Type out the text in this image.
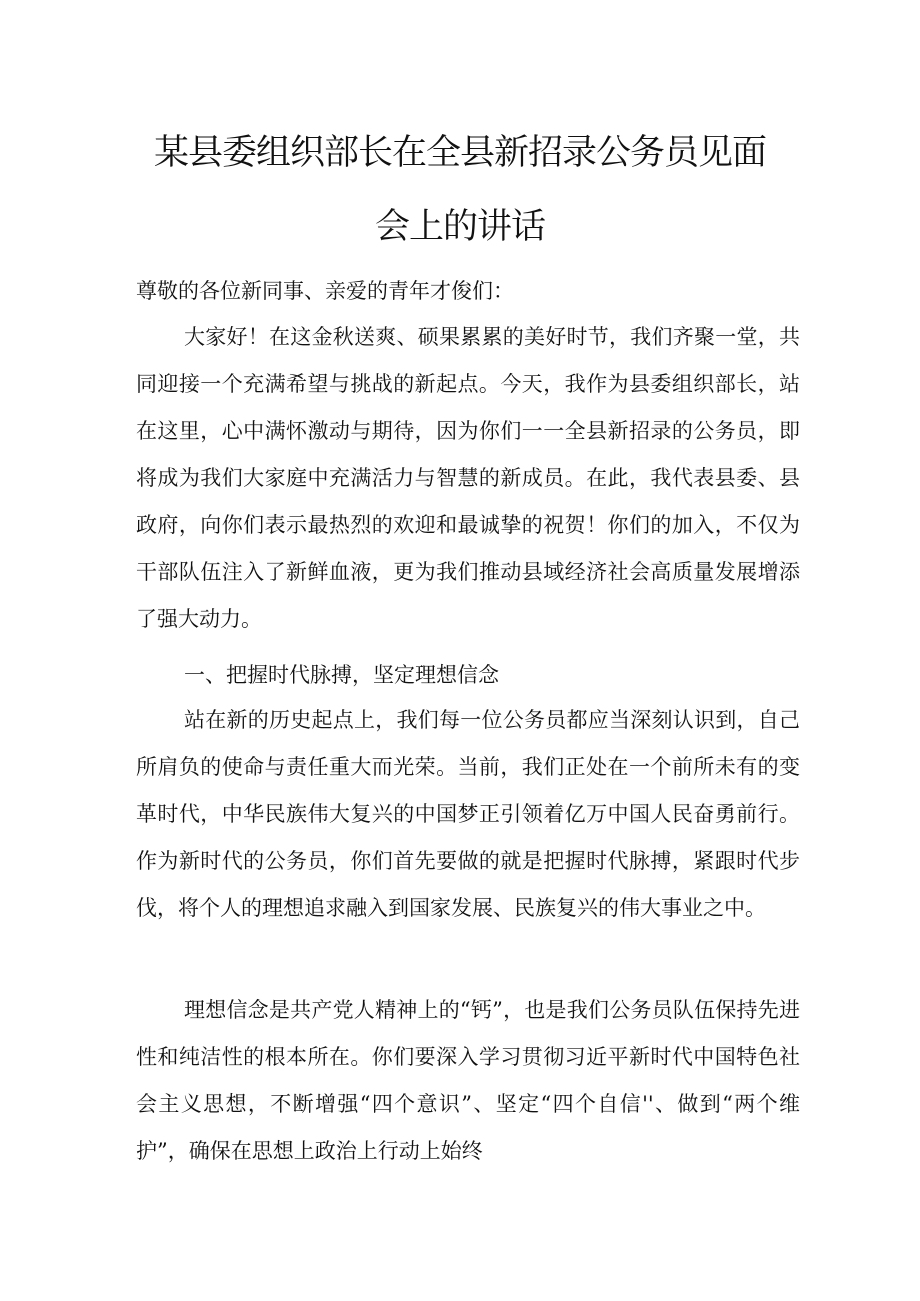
某县委组织部长在全县新招录公务员见面
会上的讲话
尊敬的各位新同事、亲爱的青年才俊们：
大家好！在这金秋送爽、硕果累累的美好时节，我们齐聚一堂，共同迎接一个充满希望与挑战的新起点。今天，我作为县委组织部长，站在这里，心中满怀激动与期待，因为你们一一全县新招录的公务员，即将成为我们大家庭中充满活力与智慧的新成员。在此，我代表县委、县政府，向你们表示最热烈的欢迎和最诚挚的祝贺！你们的加入，不仅为干部队伍注入了新鲜血液，更为我们推动县域经济社会高质量发展增添了强大动力。
一、把握时代脉搏，坚定理想信念
站在新的历史起点上，我们每一位公务员都应当深刻认识到，自己所肩负的使命与责任重大而光荣。当前，我们正处在一个前所未有的变革时代，中华民族伟大复兴的中国梦正引领着亿万中国人民奋勇前行。作为新时代的公务员，你们首先要做的就是把握时代脉搏，紧跟时代步伐，将个人的理想追求融入到国家发展、民族复兴的伟大事业之中。
理想信念是共产党人精神上的“钙”，也是我们公务员队伍保持先进性和纯洁性的根本所在。你们要深入学习贯彻习近平新时代中国特色社会主义思想，不断增强“四个意识”、坚定“四个自信''、做到“两个维护”，确保在思想上政治上行动上始终
